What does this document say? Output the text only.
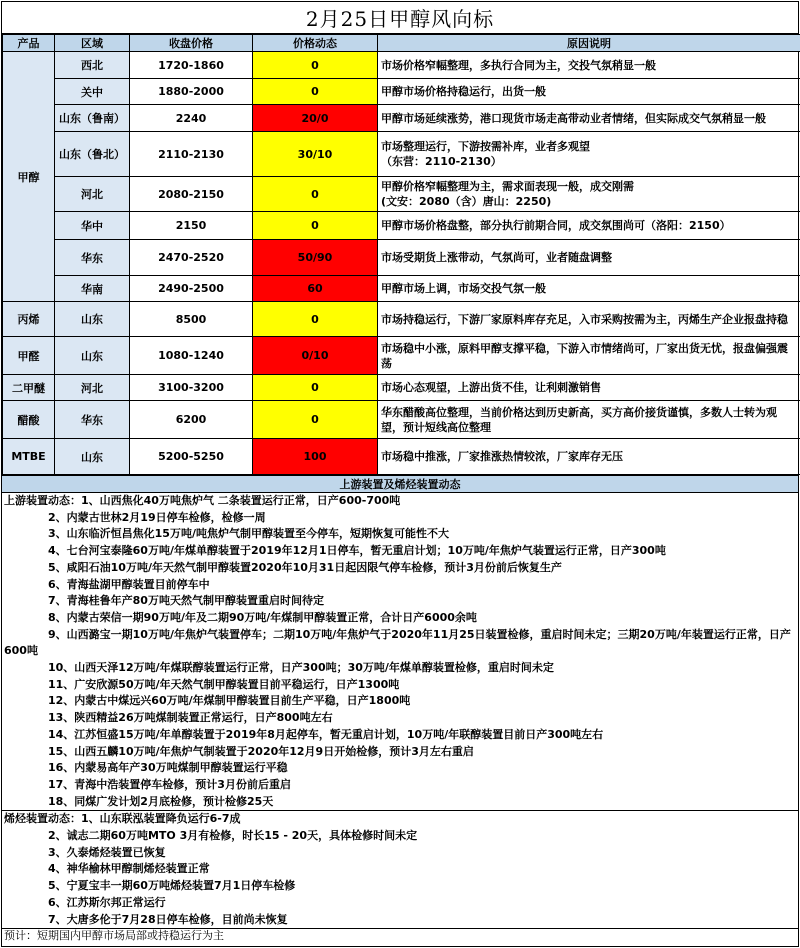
2月25日甲醇风向标
产品	区域	收盘价格	价格动态	原因说明
甲醇	西北	1720-1860	0	市场价格窄幅整理，多执行合同为主，交投气氛稍显一般
	关中	1880-2000	0	甲醇市场价格持稳运行，出货一般
	山东（鲁南）	2240	20/0	甲醇市场延续涨势，港口现货市场走高带动业者情绪，但实际成交气氛稍显一般
	山东（鲁北）	2110-2130	30/10	市场整理运行，下游按需补库，业者多观望
（东营：2110-2130）

	河北	2080-2150	0	甲醇价格窄幅整理为主，需求面表现一般，成交刚需
(文安：2080（含）唐山：2250)

	华中	2150	0	甲醇市场价格盘整，部分执行前期合同，成交氛围尚可（洛阳：2150）
	华东	2470-2520	50/90	市场受期货上涨带动，气氛尚可，业者随盘调整
	华南	2490-2500	60	甲醇市场上调，市场交投气氛一般
丙烯	山东	8500	0	市场持稳运行，下游厂家原料库存充足，入市采购按需为主，丙烯生产企业报盘持稳
甲醛	山东	1080-1240	0/10	市场稳中小涨，原料甲醇支撑平稳，下游入市情绪尚可，厂家出货无忧，报盘偏强震荡
二甲醚	河北	3100-3200	0	市场心态观望，上游出货不佳，让利刺激销售
醋酸	华东	6200	0	华东醋酸高位整理，当前价格达到历史新高，买方高价接货谨慎，多数人士转为观望，预计短线高位整理
MTBE	山东	5200-5250	100	市场稳中推涨，厂家推涨热情较浓，厂家库存无压
上游装置及烯烃装置动态
上游装置动态：1、山西焦化40万吨焦炉气 二条装置运行正常，日产600-700吨
2、内蒙古世林2月19日停车检修，检修一周
3、山东临沂恒昌焦化15万吨/吨焦炉气制甲醇装置至今停车，短期恢复可能性不大
4、七台河宝泰隆60万吨/年煤单醇装置于2019年12月1日停车，暂无重启计划；10万吨/年焦炉气装置运行正常，日产300吨
5、咸阳石油10万吨/年天然气制甲醇装置2020年10月31日起因限气停车检修，预计3月份前后恢复生产
6、青海盐湖甲醇装置目前停车中
7、青海桂鲁年产80万吨天然气制甲醇装置重启时间待定
8、内蒙古荣信一期90万吨/年及二期90万吨/年煤制甲醇装置正常，合计日产6000余吨
9、山西潞宝一期10万吨/年焦炉气装置停车；二期10万吨/年焦炉气于2020年11月25日装置检修，重启时间未定；三期20万吨/年装置运行正常，日产600吨
10、山西天泽12万吨/年煤联醇装置运行正常，日产300吨；30万吨/年煤单醇装置检修，重启时间未定
11、广安欣源50万吨/年天然气制甲醇装置目前平稳运行，日产1300吨
12、内蒙古中煤远兴60万吨/年煤制甲醇装置目前生产平稳，日产1800吨
13、陕西精益26万吨煤制装置正常运行，日产800吨左右
14、江苏恒盛15万吨/年单醇装置于2019年8月起停车，暂无重启计划，10万吨/年联醇装置目前日产300吨左右
15、山西五麟10万吨/年焦炉气制装置于2020年12月9日开始检修，预计3月左右重启
16、内蒙易高年产30万吨煤制甲醇装置运行平稳
17、青海中浩装置停车检修，预计3月份前后重启
18、同煤广发计划2月底检修，预计检修25天
烯烃装置动态：1、山东联泓装置降负运行6-7成
2、诚志二期60万吨MTO 3月有检修，时长15 - 20天，具体检修时间未定
3、久泰烯烃装置已恢复
4、神华榆林甲醇制烯烃装置正常
5、宁夏宝丰一期60万吨烯烃装置7月1日停车检修
6、江苏斯尔邦正常运行
7、大唐多伦于7月28日停车检修，目前尚未恢复
预计：短期国内甲醇市场局部或持稳运行为主
